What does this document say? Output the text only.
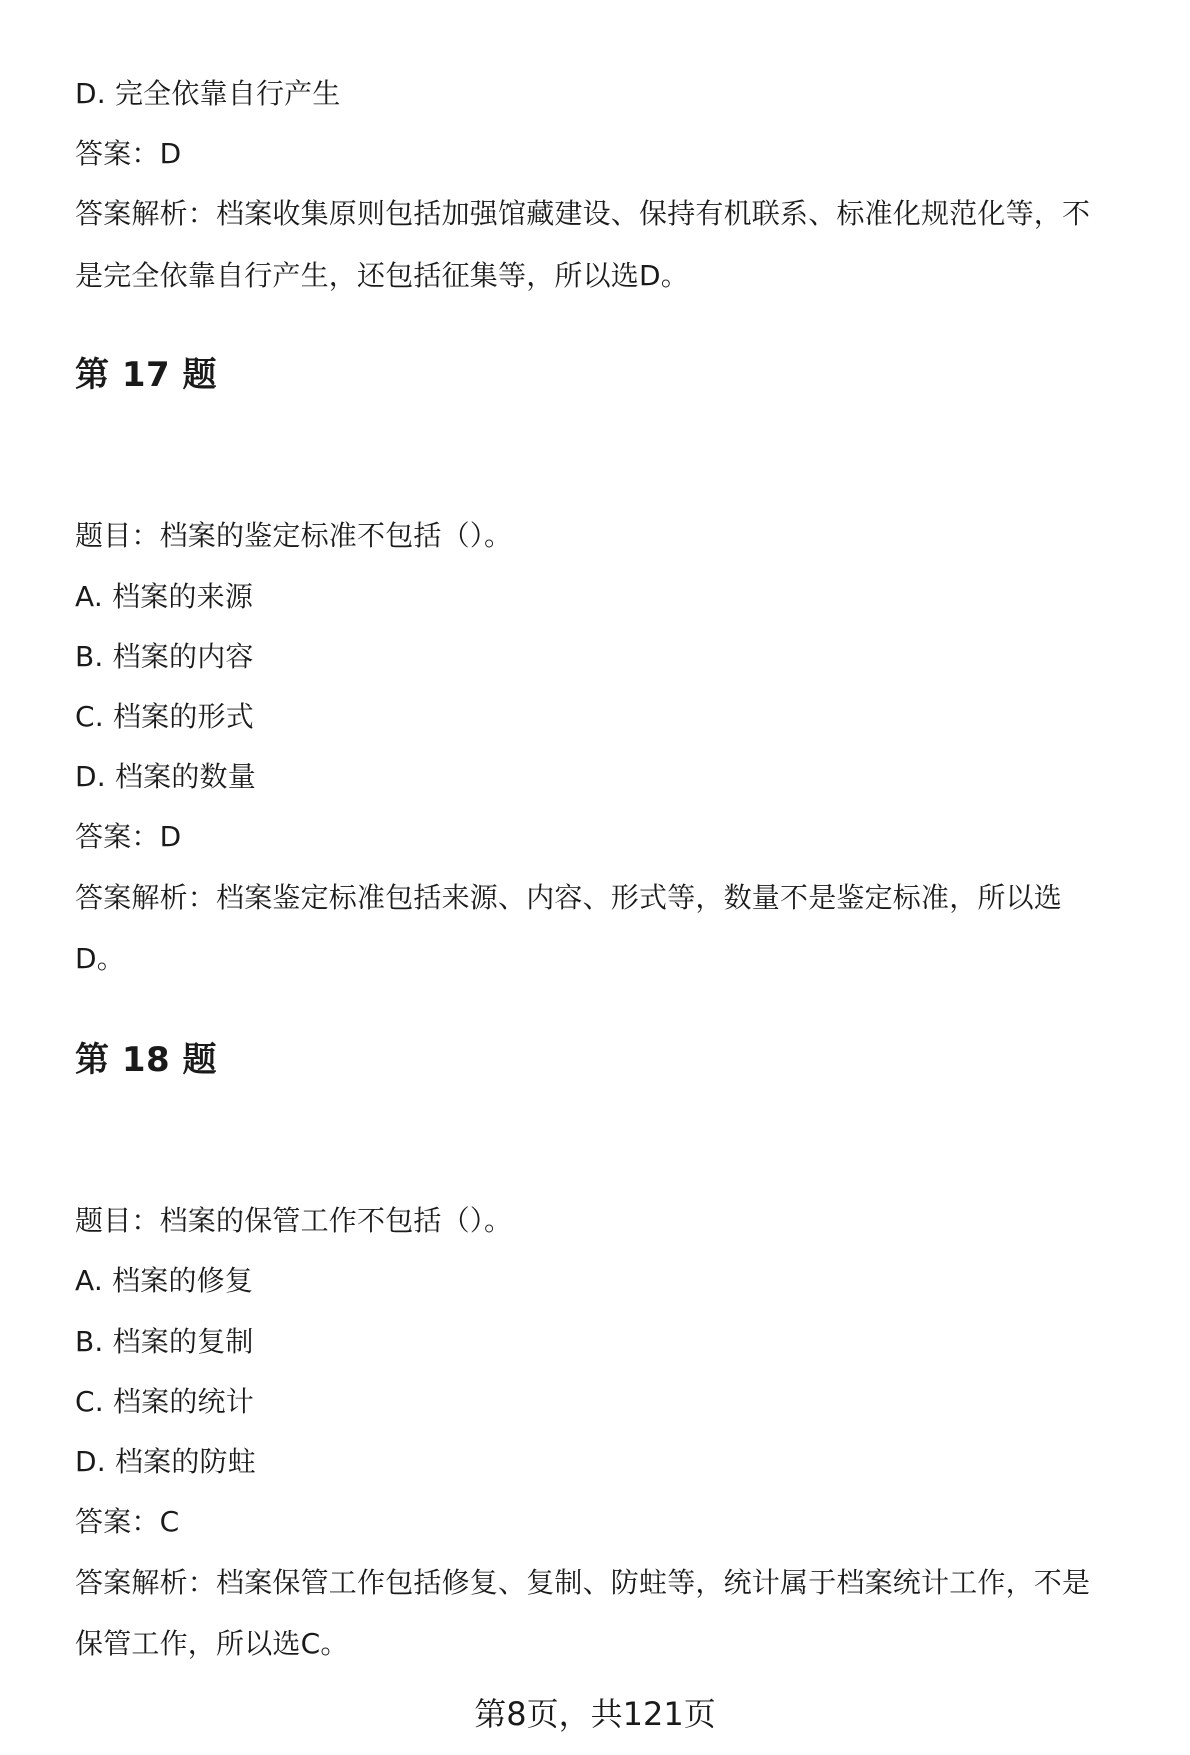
D. 完全依靠自行产生

答案：D

答案解析：档案收集原则包括加强馆藏建设、保持有机联系、标准化规范化等，不

是完全依靠自行产生，还包括征集等，所以选D。

第 17 题

题目：档案的鉴定标准不包括（）。

A. 档案的来源

B. 档案的内容

C. 档案的形式

D. 档案的数量

答案：D

答案解析：档案鉴定标准包括来源、内容、形式等，数量不是鉴定标准，所以选

D。

第 18 题

题目：档案的保管工作不包括（）。

A. 档案的修复

B. 档案的复制

C. 档案的统计

D. 档案的防蛀

答案：C

答案解析：档案保管工作包括修复、复制、防蛀等，统计属于档案统计工作，不是

保管工作，所以选C。

第8页，共121页
